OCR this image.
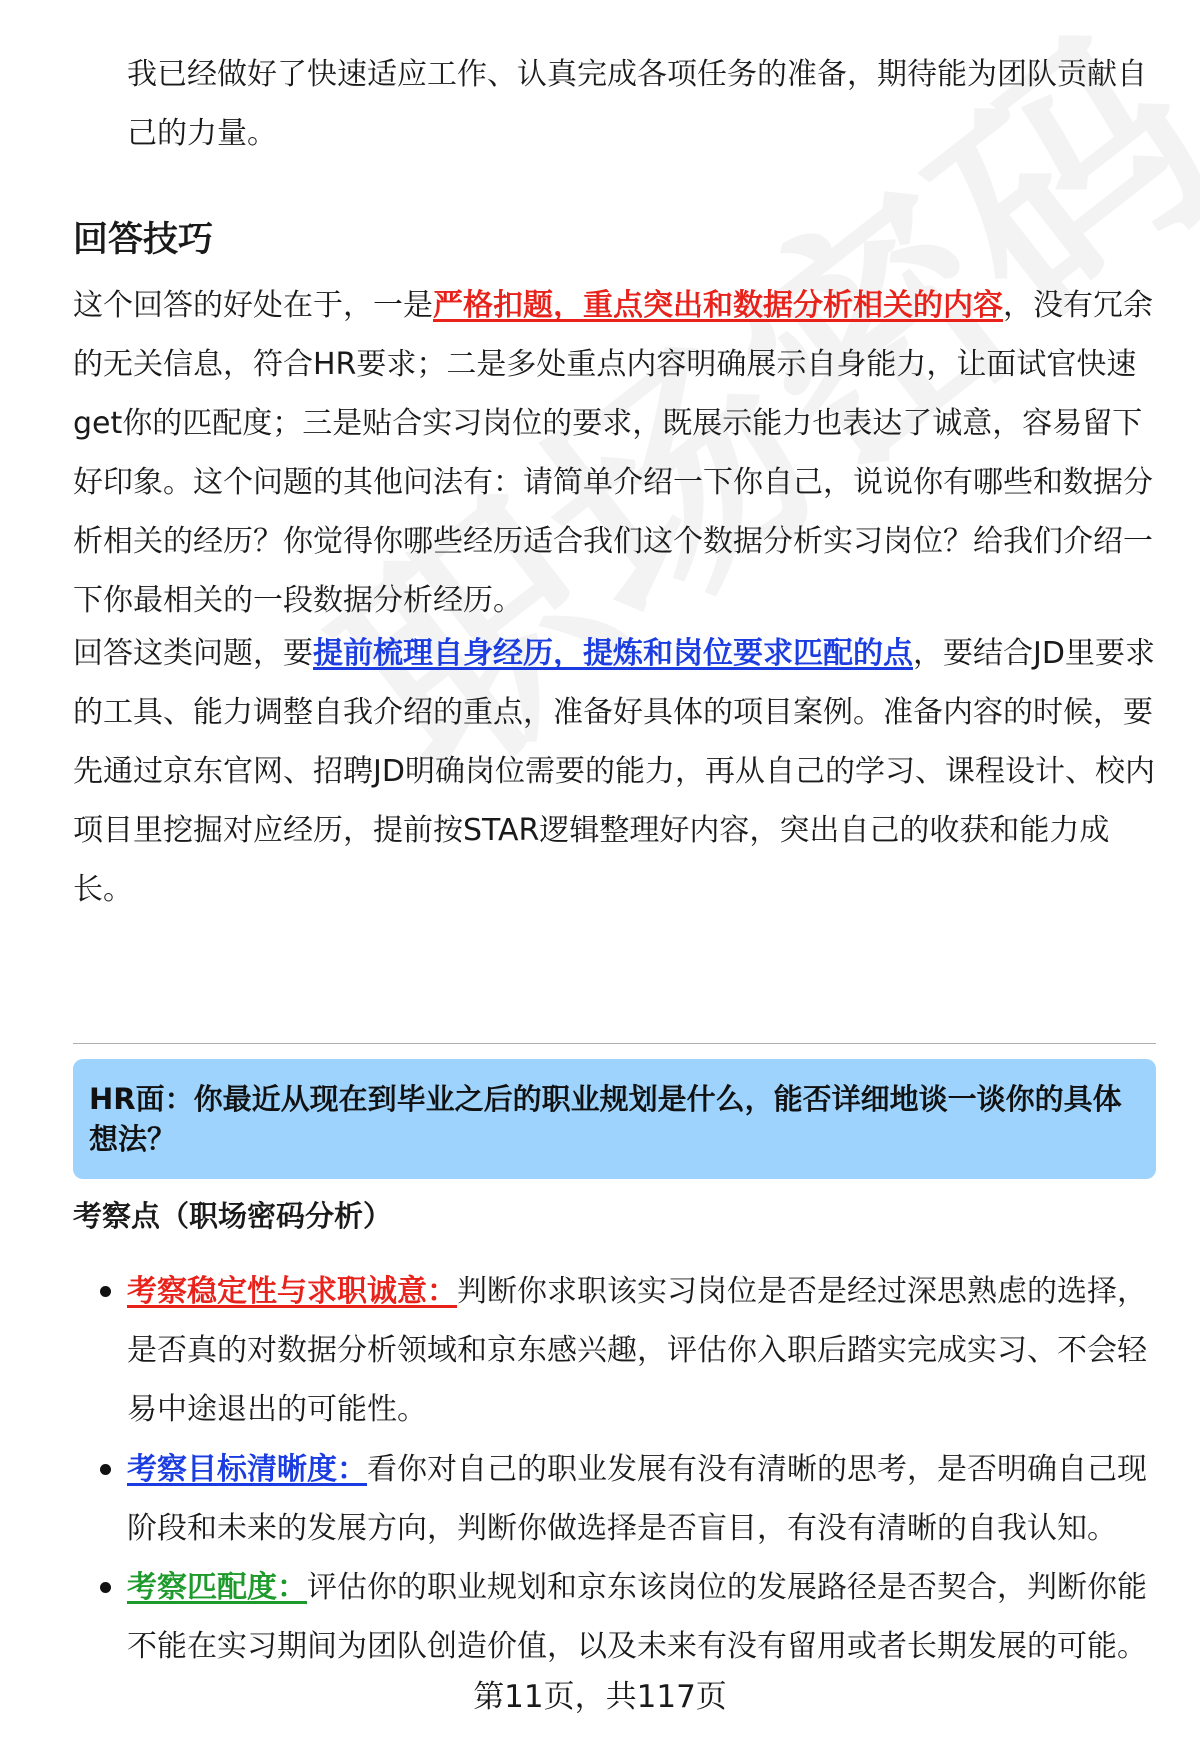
我已经做好了快速适应工作、认真完成各项任务的准备，期待能为团队贡献自己的力量。

回答技巧

这个回答的好处在于，一是严格扣题，重点突出和数据分析相关的内容，没有冗余的无关信息，符合HR要求；二是多处重点内容明确展示自身能力，让面试官快速get你的匹配度；三是贴合实习岗位的要求，既展示能力也表达了诚意，容易留下好印象。这个问题的其他问法有：请简单介绍一下你自己，说说你有哪些和数据分析相关的经历？你觉得你哪些经历适合我们这个数据分析实习岗位？给我们介绍一下你最相关的一段数据分析经历。

回答这类问题，要提前梳理自身经历，提炼和岗位要求匹配的点，要结合JD里要求的工具、能力调整自我介绍的重点，准备好具体的项目案例。准备内容的时候，要先通过京东官网、招聘JD明确岗位需要的能力，再从自己的学习、课程设计、校内项目里挖掘对应经历，提前按STAR逻辑整理好内容，突出自己的收获和能力成长。

HR面：你最近从现在到毕业之后的职业规划是什么，能否详细地谈一谈你的具体想法？

考察点（职场密码分析）
考察稳定性与求职诚意：判断你求职该实习岗位是否是经过深思熟虑的选择，是否真的对数据分析领域和京东感兴趣，评估你入职后踏实完成实习、不会轻易中途退出的可能性。
考察目标清晰度：看你对自己的职业发展有没有清晰的思考，是否明确自己现阶段和未来的发展方向，判断你做选择是否盲目，有没有清晰的自我认知。
考察匹配度：评估你的职业规划和京东该岗位的发展路径是否契合，判断你能不能在实习期间为团队创造价值，以及未来有没有留用或者长期发展的可能。

第11页，共117页
